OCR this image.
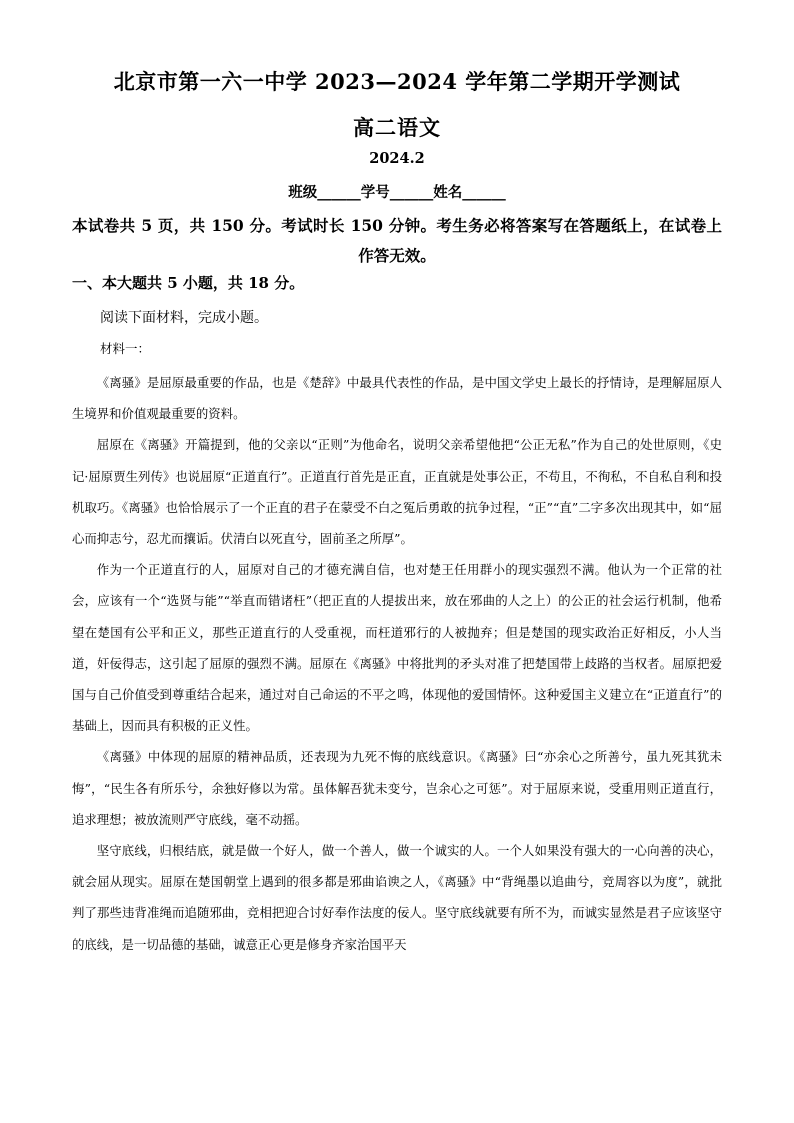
北京市第一六一中学 2023—2024 学年第二学期开学测试
高二语文
2024.2
班级______学号______姓名______
本试卷共 5 页，共 150 分。考试时长 150 分钟。考生务必将答案写在答题纸上，在试卷上作答无效。
一、本大题共 5 小题，共 18 分。
阅读下面材料，完成小题。
材料一：

《离骚》是屈原最重要的作品，也是《楚辞》中最具代表性的作品，是中国文学史上最长的抒情诗，是理解屈原人生境界和价值观最重要的资料。

屈原在《离骚》开篇提到，他的父亲以“正则”为他命名，说明父亲希望他把“公正无私”作为自己的处世原则，《史记·屈原贾生列传》也说屈原“正道直行”。正道直行首先是正直，正直就是处事公正，不苟且，不徇私，不自私自利和投机取巧。《离骚》也恰恰展示了一个正直的君子在蒙受不白之冤后勇敢的抗争过程，“正”“直”二字多次出现其中，如“屈心而抑志兮，忍尤而攘诟。伏清白以死直兮，固前圣之所厚”。

作为一个正道直行的人，屈原对自己的才德充满自信，也对楚王任用群小的现实强烈不满。他认为一个正常的社会，应该有一个“选贤与能”“举直而错诸枉”（把正直的人提拔出来，放在邪曲的人之上）的公正的社会运行机制，他希望在楚国有公平和正义，那些正道直行的人受重视，而枉道邪行的人被抛弃；但是楚国的现实政治正好相反，小人当道，奸佞得志，这引起了屈原的强烈不满。屈原在《离骚》中将批判的矛头对准了把楚国带上歧路的当权者。屈原把爱国与自己价值受到尊重结合起来，通过对自己命运的不平之鸣，体现他的爱国情怀。这种爱国主义建立在“正道直行”的基础上，因而具有积极的正义性。

《离骚》中体现的屈原的精神品质，还表现为九死不悔的底线意识。《离骚》曰“亦余心之所善兮，虽九死其犹未悔”，“民生各有所乐兮，余独好修以为常。虽体解吾犹未变兮，岂余心之可惩”。对于屈原来说，受重用则正道直行，追求理想；被放流则严守底线，毫不动摇。

坚守底线，归根结底，就是做一个好人，做一个善人，做一个诚实的人。一个人如果没有强大的一心向善的决心，就会屈从现实。屈原在楚国朝堂上遇到的很多都是邪曲谄谀之人，《离骚》中“背绳墨以追曲兮，竞周容以为度”，就批判了那些违背准绳而追随邪曲，竞相把迎合讨好奉作法度的佞人。坚守底线就要有所不为，而诚实显然是君子应该坚守的底线，是一切品德的基础，诚意正心更是修身齐家治国平天
